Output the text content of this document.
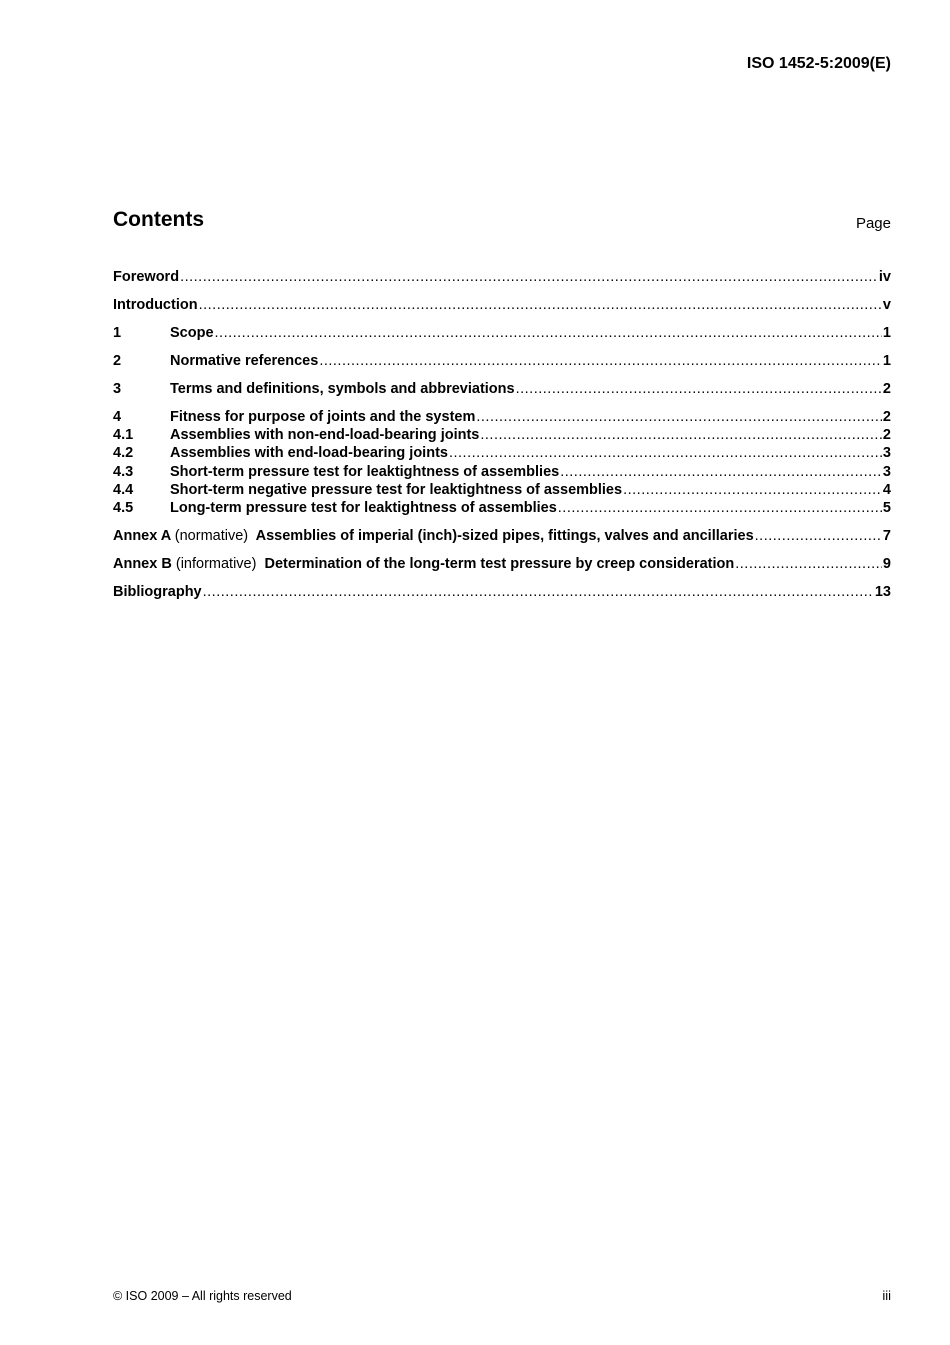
ISO 1452-5:2009(E)
Contents	Page
Foreword .....	iv
Introduction .....	v
1	Scope .....	1
2	Normative references .....	1
3	Terms and definitions, symbols and abbreviations .....	2
4	Fitness for purpose of joints and the system .....	2
4.1	Assemblies with non-end-load-bearing joints .....	2
4.2	Assemblies with end-load-bearing joints .....	3
4.3	Short-term pressure test for leaktightness of assemblies .....	3
4.4	Short-term negative pressure test for leaktightness of assemblies .....	4
4.5	Long-term pressure test for leaktightness of assemblies .....	5
Annex A (normative) Assemblies of imperial (inch)-sized pipes, fittings, valves and ancillaries .....	7
Annex B (informative) Determination of the long-term test pressure by creep consideration .....	9
Bibliography .....	13
© ISO 2009 – All rights reserved	iii
